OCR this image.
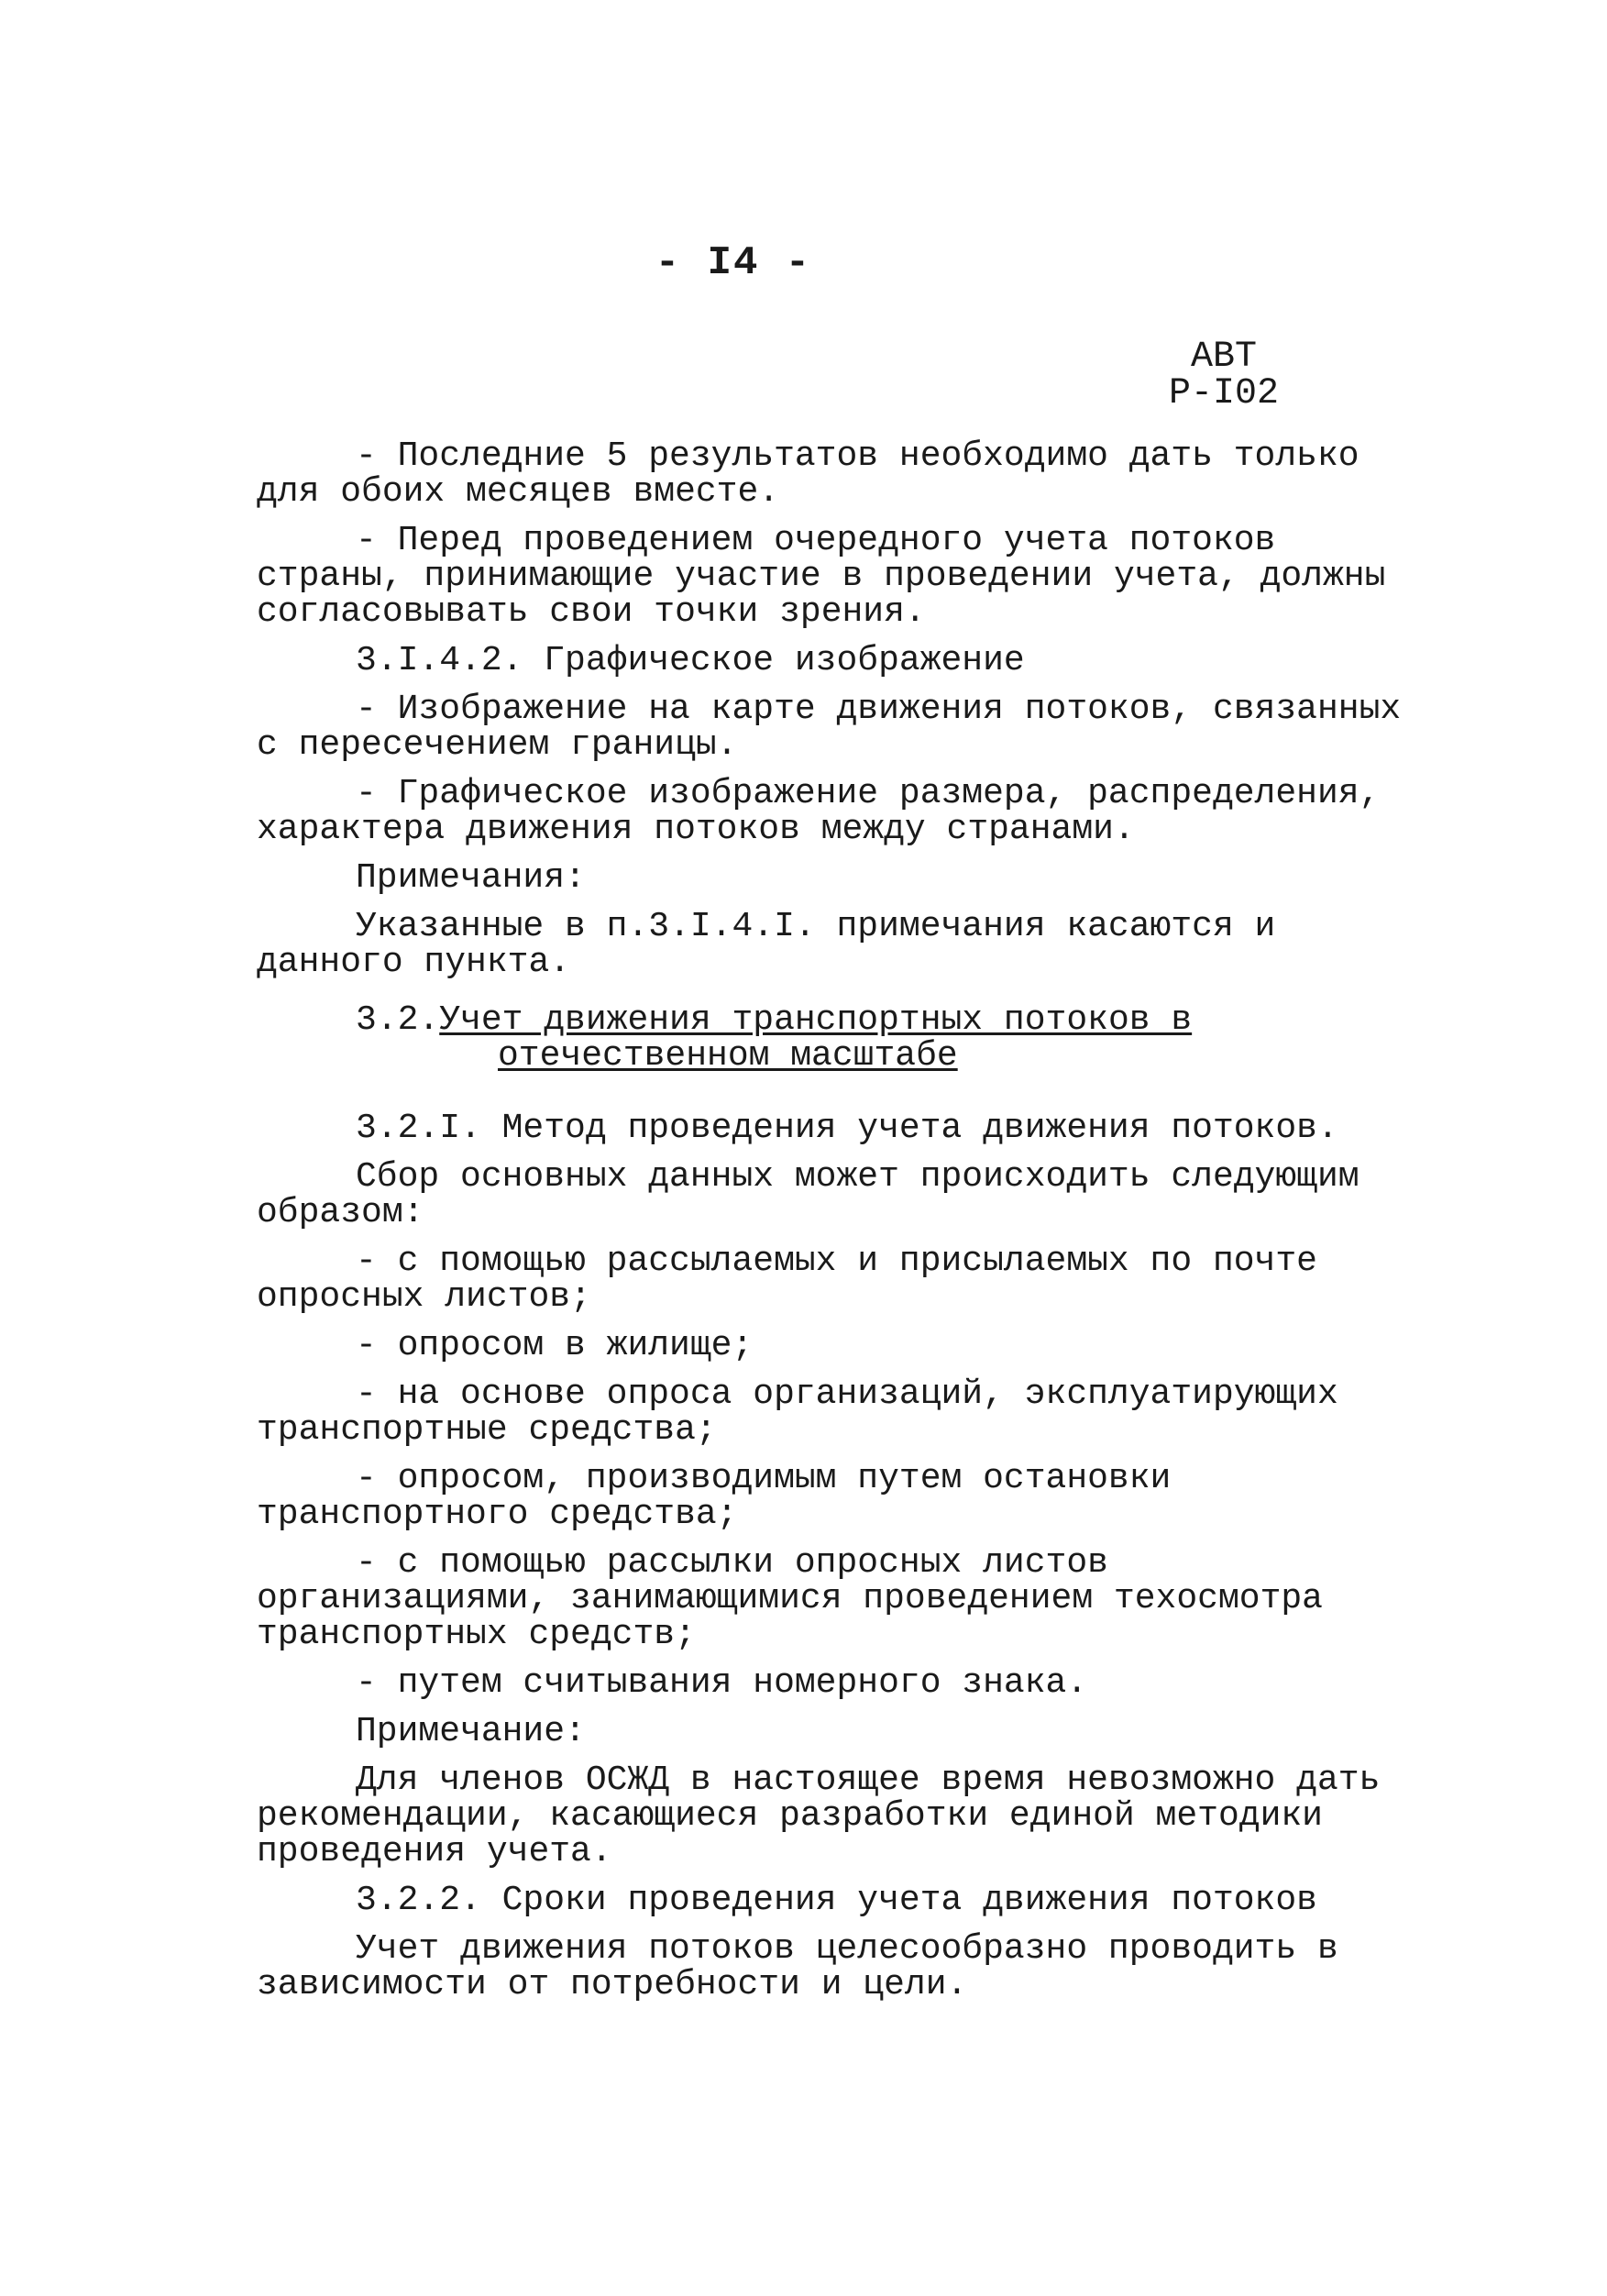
- I4 -
АВТ
Р-I02

- Последние 5 результатов необходимо дать только для обоих месяцев вместе.

- Перед проведением очередного учета потоков страны, принимающие участие в проведении учета, должны согласовывать свои точки зрения.

3.I.4.2. Графическое изображение

- Изображение на карте движения потоков, связанных с пересечением границы.

- Графическое изображение размера, распределения, характера движения потоков между странами.

Примечания:

Указанные в п.3.I.4.I. примечания касаются и данного пункта.

3.2.Учет движения транспортных потоков в
отечественном масштабе

3.2.I. Метод проведения учета движения потоков.

Сбор основных данных может происходить следующим образом:

- с помощью рассылаемых и присылаемых по почте опросных листов;

- опросом в жилище;

- на основе опроса организаций, эксплуатирующих транспортные средства;

- опросом, производимым путем остановки транспортного средства;

- с помощью рассылки опросных листов организациями, занимающимися проведением техосмотра транспортных средств;

- путем считывания номерного знака.

Примечание:

Для членов ОСЖД в настоящее время невозможно дать рекомендации, касающиеся разработки единой методики проведения учета.

3.2.2. Сроки проведения учета движения потоков

Учет движения потоков целесообразно проводить в зависимости от потребности и цели.
